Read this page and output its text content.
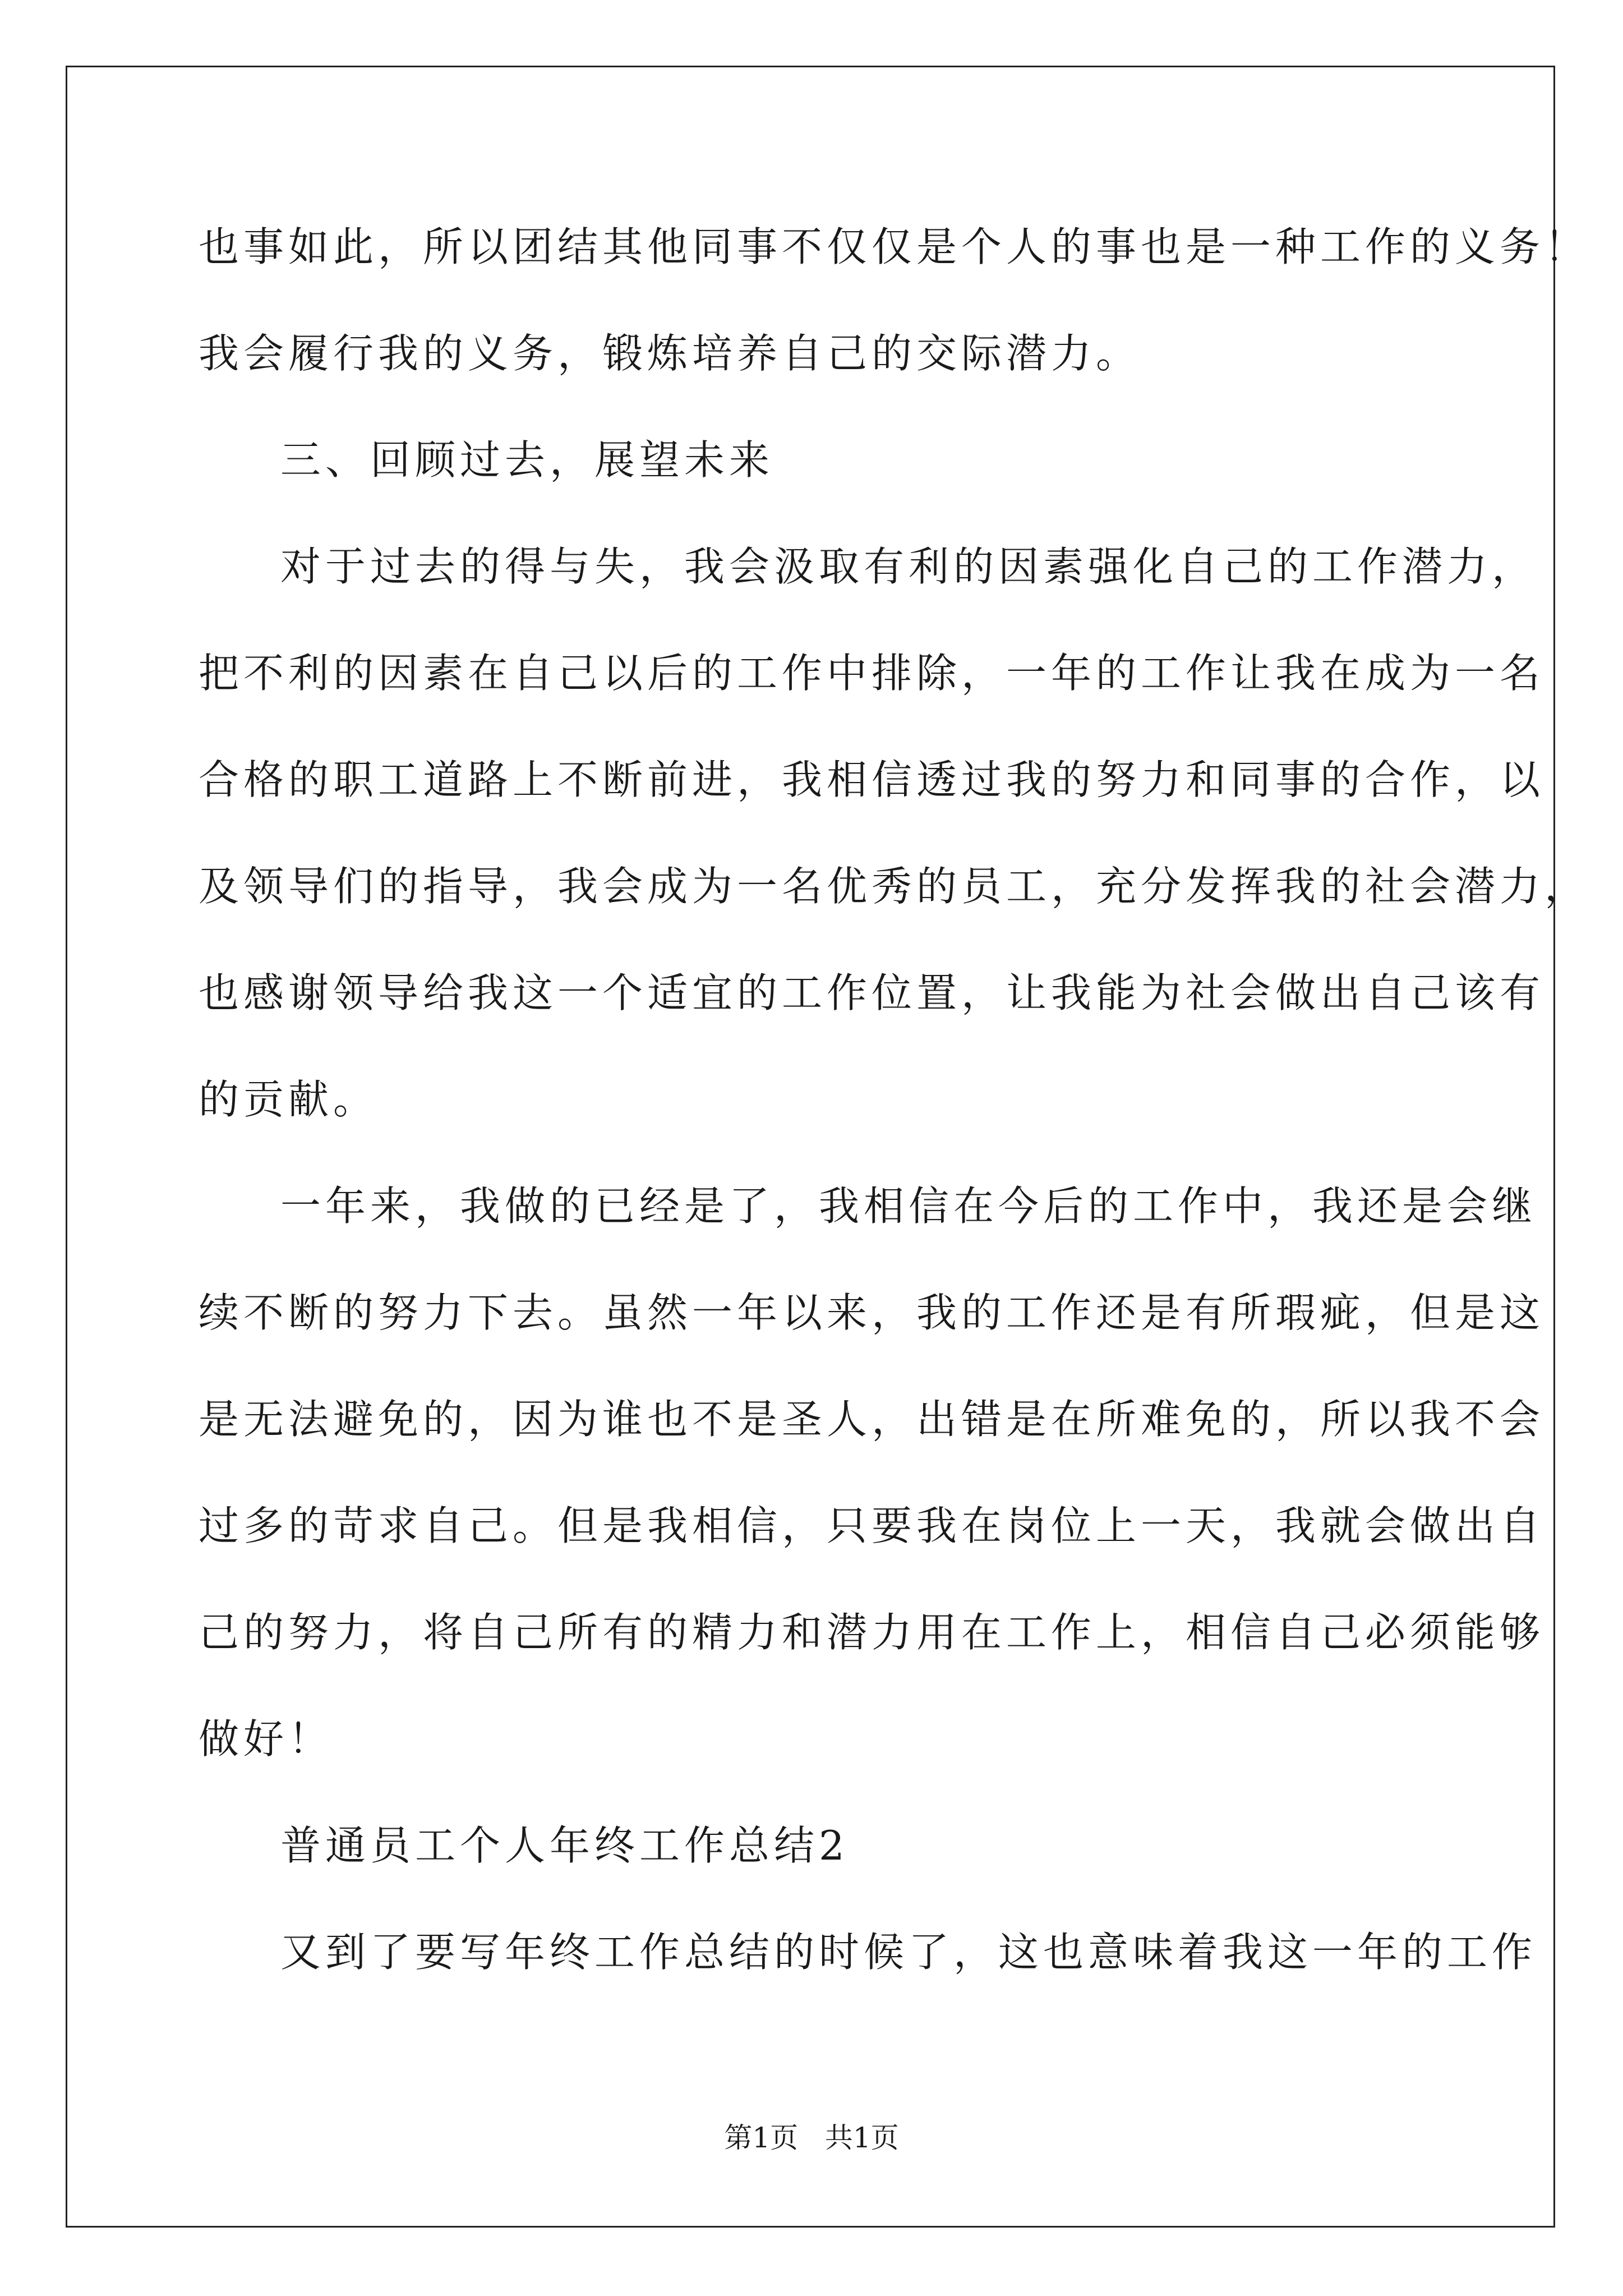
也事如此，所以团结其他同事不仅仅是个人的事也是一种工作的义务！
我会履行我的义务，锻炼培养自己的交际潜力。
三、回顾过去，展望未来
对于过去的得与失，我会汲取有利的因素强化自己的工作潜力，
把不利的因素在自己以后的工作中排除，一年的工作让我在成为一名
合格的职工道路上不断前进，我相信透过我的努力和同事的合作，以
及领导们的指导，我会成为一名优秀的员工，充分发挥我的社会潜力，
也感谢领导给我这一个适宜的工作位置，让我能为社会做出自己该有
的贡献。
一年来，我做的已经是了，我相信在今后的工作中，我还是会继
续不断的努力下去。虽然一年以来，我的工作还是有所瑕疵，但是这
是无法避免的，因为谁也不是圣人，出错是在所难免的，所以我不会
过多的苛求自己。但是我相信，只要我在岗位上一天，我就会做出自
己的努力，将自己所有的精力和潜力用在工作上，相信自己必须能够
做好！
普通员工个人年终工作总结2
又到了要写年终工作总结的时候了，这也意味着我这一年的工作
第1页   共1页
